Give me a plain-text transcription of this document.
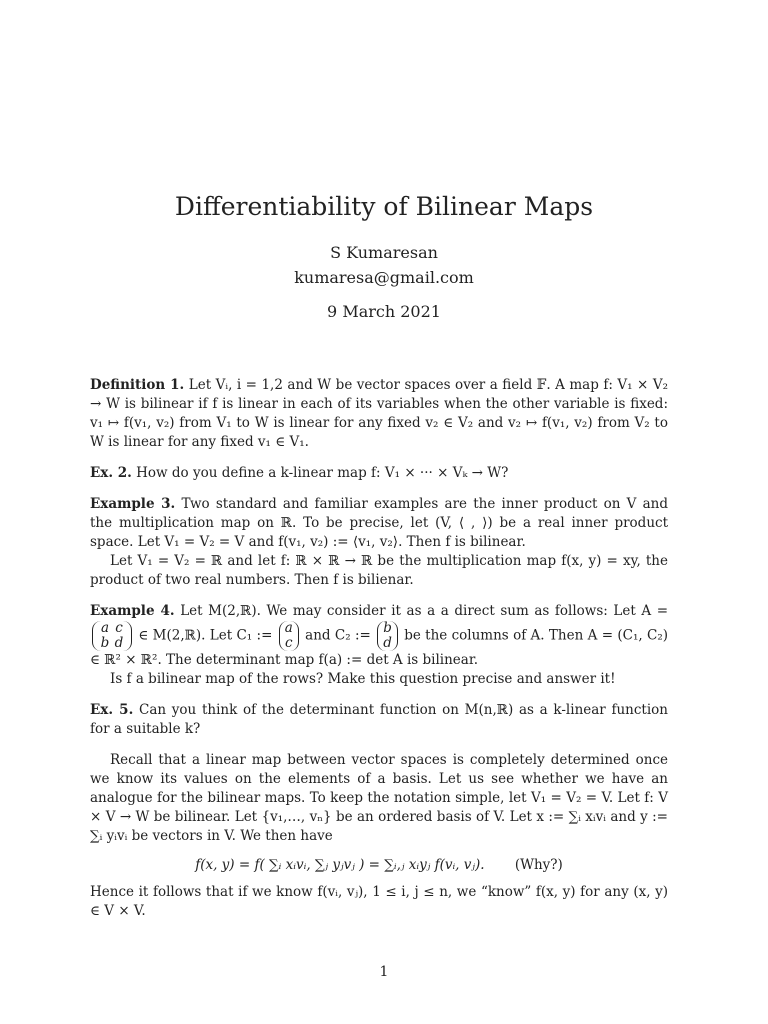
Differentiability of Bilinear Maps
S Kumaresan
kumaresa@gmail.com
9 March 2021

Definition 1. Let Vᵢ, i = 1,2 and W be vector spaces over a field 𝔽. A map f: V₁ × V₂ → W is bilinear if f is linear in each of its variables when the other variable is fixed: v₁ ↦ f(v₁, v₂) from V₁ to W is linear for any fixed v₂ ∈ V₂ and v₂ ↦ f(v₁, v₂) from V₂ to W is linear for any fixed v₁ ∈ V₁.

Ex. 2. How do you define a k-linear map f: V₁ × ··· × Vₖ → W?

Example 3. Two standard and familiar examples are the inner product on V and the multiplication map on ℝ. To be precise, let (V, ⟨ , ⟩) be a real inner product space. Let V₁ = V₂ = V and f(v₁, v₂) := ⟨v₁, v₂⟩. Then f is bilinear.

Let V₁ = V₂ = ℝ and let f: ℝ × ℝ → ℝ be the multiplication map f(x, y) = xy, the product of two real numbers. Then f is bilienar.

Example 4. Let M(2,ℝ). We may consider it as a a direct sum as follows: Let A = abcd ∈ M(2,ℝ). Let C₁ := a
c and C₂ := b
d be the columns of A. Then A = (C₁, C₂) ∈ ℝ² × ℝ². The determinant map f(a) := det A is bilinear.

Is f a bilinear map of the rows? Make this question precise and answer it!

Ex. 5. Can you think of the determinant function on M(n,ℝ) as a k-linear function for a suitable k?

Recall that a linear map between vector spaces is completely determined once we know its values on the elements of a basis. Let us see whether we have an analogue for the bilinear maps. To keep the notation simple, let V₁ = V₂ = V. Let f: V × V → W be bilinear. Let {v₁,…, vₙ} be an ordered basis of V. Let x := ∑ᵢ xᵢvᵢ and y := ∑ᵢ yᵢvᵢ be vectors in V. We then have

f(x, y) = f( ∑ᵢ xᵢvᵢ, ∑ⱼ yⱼvⱼ ) = ∑ᵢ,ⱼ xᵢyⱼ f(vᵢ, vⱼ). (Why?)

Hence it follows that if we know f(vᵢ, vⱼ), 1 ≤ i, j ≤ n, we “know” f(x, y) for any (x, y) ∈ V × V.

1
